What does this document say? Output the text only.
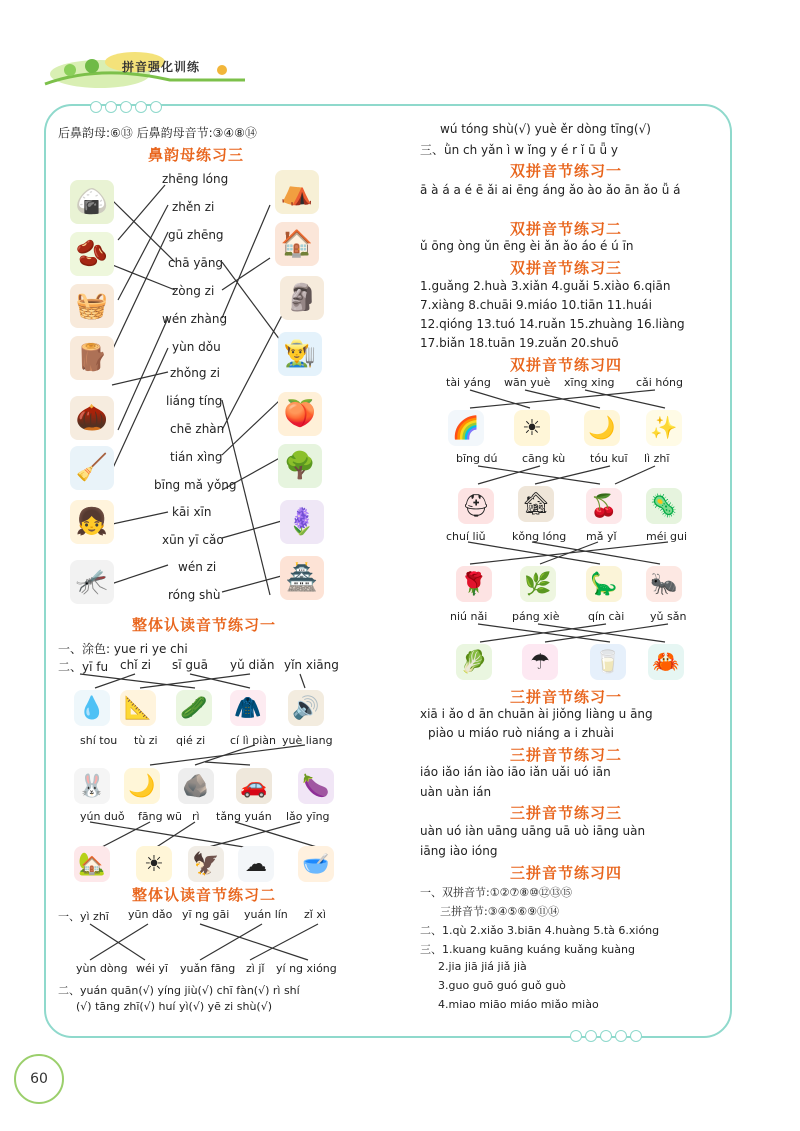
拼音强化训练
后鼻韵母:⑥⑬ 后鼻韵母音节:③④⑧⑭
鼻韵母练习三
🍙
🫘
🧺
🪵
🌰
🧹
👧
🦟
⛺
🏠
🗿
👨‍🌾
🍑
🌳
🪻
🏯
zhēng lóng
zhěn zi
gū zhēng
chā yāng
zòng zi
wén zhàng
yùn dǒu
zhǒng zi
liáng tíng
chē zhàn
tián xìng
bīng mǎ yǒng
kāi xīn
xūn yī cǎo
wén zi
róng shù
整体认读音节练习一
一、涂色: yue ri ye chi
二、yī fu chǐ zi sī guā yǔ diǎn yǐn xiāng
💧 📐 🥒 🧥 🔊
shí tou tù zi qié zi cí lì piàn yuè liang
🐰 🌙 🪨 🚗 🍆
yún duǒ fāng wū rì tǎng yuán lǎo yīng
🏡	☀	🦅	☁	🥣
整体认读音节练习二
一、yì zhī yūn dǎo yī ng gāi yuán lín zǐ xì
yùn dòng wéi yī yuǎn fāng zì jǐ yí ng xióng
二、yuán quān(√) yíng jiù(√) chī fàn(√) rì shí
(√) tāng zhī(√) huí yì(√) yē zi shù(√)
wú tóng shù(√) yuè ěr dòng tīng(√)
三、ǜn ch yǎn ì w ǐng y é r ǐ ū ǖ y
双拼音节练习一
ā à á a é ē ǎi ai ēng áng ǎo ào ǎo ān ǎo ǚ á
双拼音节练习二
ǔ ōng òng ǔn ēng èi ǎn ǎo áo é ú īn
双拼音节练习三
1.guǎng 2.huà 3.xiǎn 4.guǎi 5.xiào 6.qiān
7.xiàng 8.chuāi 9.miáo 10.tiān 11.huái
12.qióng 13.tuó 14.ruǎn 15.zhuàng 16.liàng
17.biǎn 18.tuān 19.zuǎn 20.shuō
双拼音节练习四
tài yáng wān yuè xīng xing cǎi hóng
🌈	☀	🌙 ✨
bīng dú cāng kù tóu kuī lì zhī
⛑ 🏚 🍒 🦠
chuí liǔ kǒng lóng mǎ yǐ	méi gui
🌹 🌿 🦕 🐜
niú nǎi páng xiè	qín cài yǔ sǎn
🥬	☂	🥛 🦀
三拼音节练习一
xiā i ǎo d ān chuān ài jiǒng liàng u āng
piào u miáo ruò niáng a i zhuài
三拼音节练习二
iáo iǎo ián iào iāo iǎn uǎi uó iān
uàn uàn ián
三拼音节练习三
uàn uó iàn uāng uāng uā uò iāng uàn
iāng iào ióng
三拼音节练习四
一、双拼音节:①②⑦⑧⑩⑫⑬⑮
三拼音节:③④⑤⑥⑨⑪⑭
二、1.qù 2.xiǎo 3.biān 4.huàng 5.tà 6.xióng
三、1.kuang kuāng kuáng kuǎng kuàng
2.jia jiā jiá jiǎ jià
3.guo guō guó guǒ guò
4.miao miāo miáo miǎo miào
60
